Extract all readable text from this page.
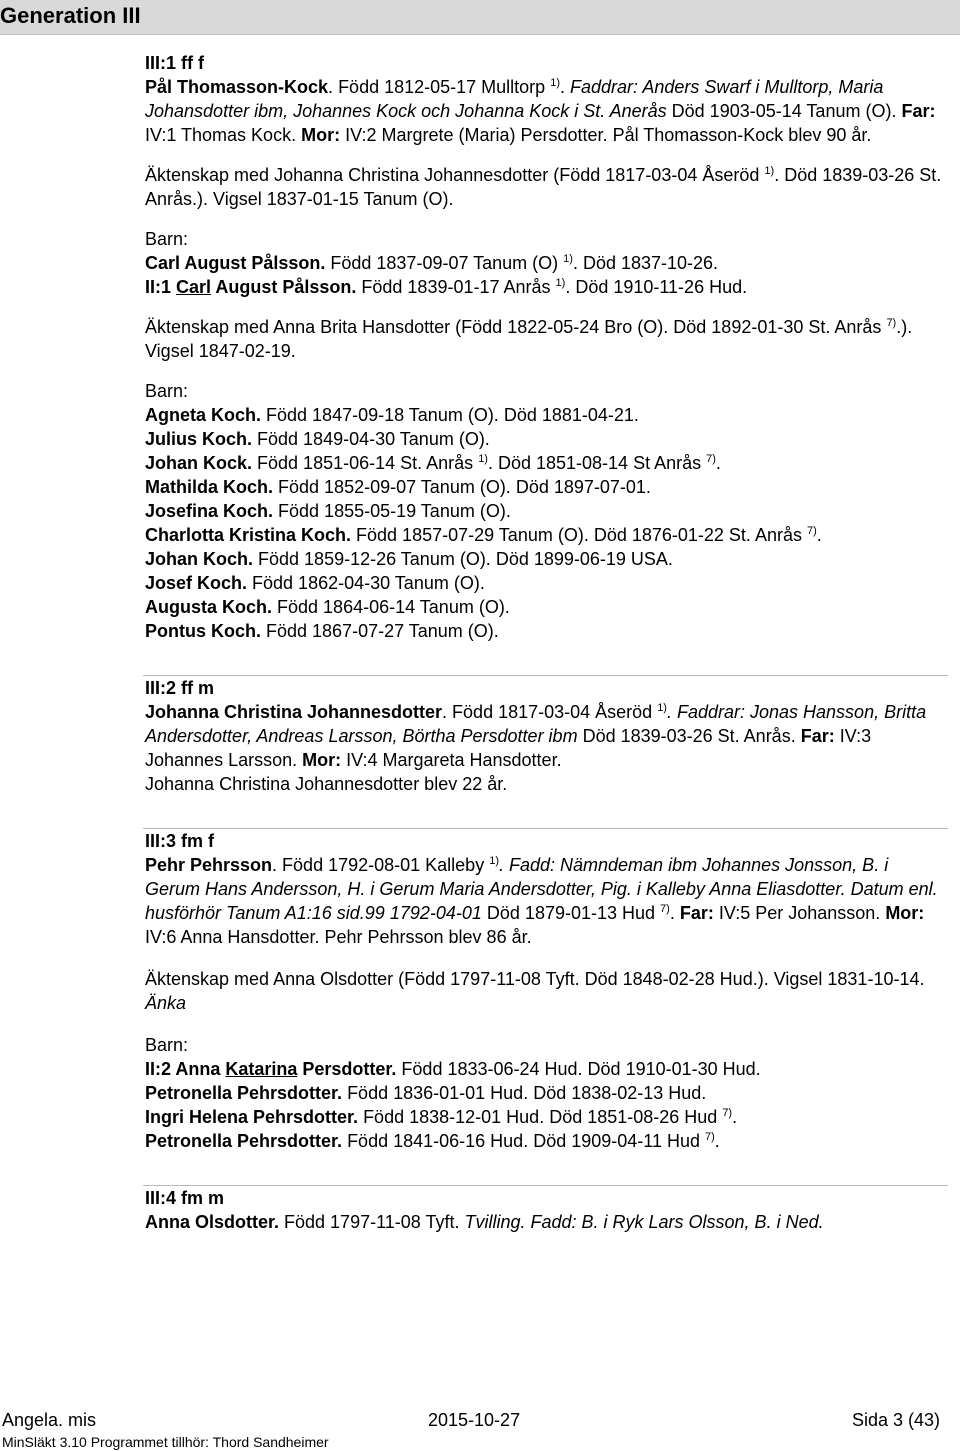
Generation III

III:1 ff f

Pål Thomasson-Kock. Född 1812-05-17 Mulltorp $^{1)}$. Faddrar: Anders Swarf i Mulltorp, Maria Johansdotter ibm, Johannes Kock och Johanna Kock i St. Anerås Död 1903-05-14 Tanum (O). Far: IV:1 Thomas Kock. Mor: IV:2 Margrete (Maria) Persdotter. Pål Thomasson-Kock blev 90 år.

Äktenskap med Johanna Christina Johannesdotter (Född 1817-03-04 Åseröd $^{1)}$. Död 1839-03-26 St. Anrås.). Vigsel 1837-01-15 Tanum (O).

Barn:

Carl August Pålsson. Född 1837-09-07 Tanum (O) $^{1)}$. Död 1837-10-26.

II:1 Carl August Pålsson. Född 1839-01-17 Anrås $^{1)}$. Död 1910-11-26 Hud.

Äktenskap med Anna Brita Hansdotter (Född 1822-05-24 Bro (O). Död 1892-01-30 St. Anrås $^{7)}$.). Vigsel 1847-02-19.

Barn:

Agneta Koch. Född 1847-09-18 Tanum (O). Död 1881-04-21.

Julius Koch. Född 1849-04-30 Tanum (O).

Johan Kock. Född 1851-06-14 St. Anrås $^{1)}$. Död 1851-08-14 St Anrås $^{7)}$.

Mathilda Koch. Född 1852-09-07 Tanum (O). Död 1897-07-01.

Josefina Koch. Född 1855-05-19 Tanum (O).

Charlotta Kristina Koch. Född 1857-07-29 Tanum (O). Död 1876-01-22 St. Anrås $^{7)}$.

Johan Koch. Född 1859-12-26 Tanum (O). Död 1899-06-19 USA.

Josef Koch. Född 1862-04-30 Tanum (O).

Augusta Koch. Född 1864-06-14 Tanum (O).

Pontus Koch. Född 1867-07-27 Tanum (O).

III:2 ff m

Johanna Christina Johannesdotter. Född 1817-03-04 Åseröd $^{1)}$. Faddrar: Jonas Hansson, Britta Andersdotter, Andreas Larsson, Börtha Persdotter ibm Död 1839-03-26 St. Anrås. Far: IV:3 Johannes Larsson. Mor: IV:4 Margareta Hansdotter.

Johanna Christina Johannesdotter blev 22 år.

III:3 fm f

Pehr Pehrsson. Född 1792-08-01 Kalleby $^{1)}$. Fadd: Nämndeman ibm Johannes Jonsson, B. i Gerum Hans Andersson, H. i Gerum Maria Andersdotter, Pig. i Kalleby Anna Eliasdotter. Datum enl. husförhör Tanum A1:16 sid.99 1792-04-01 Död 1879-01-13 Hud $^{7)}$. Far: IV:5 Per Johansson. Mor: IV:6 Anna Hansdotter. Pehr Pehrsson blev 86 år.

Äktenskap med Anna Olsdotter (Född 1797-11-08 Tyft. Död 1848-02-28 Hud.). Vigsel 1831-10-14. Änka

Barn:

II:2 Anna Katarina Persdotter. Född 1833-06-24 Hud. Död 1910-01-30 Hud.

Petronella Pehrsdotter. Född 1836-01-01 Hud. Död 1838-02-13 Hud.

Ingri Helena Pehrsdotter. Född 1838-12-01 Hud. Död 1851-08-26 Hud $^{7)}$.

Petronella Pehrsdotter. Född 1841-06-16 Hud. Död 1909-04-11 Hud $^{7)}$.

III:4 fm m

Anna Olsdotter. Född 1797-11-08 Tyft. Tvilling. Fadd: B. i Ryk Lars Olsson, B. i Ned.

Angela. mis	2015-10-27	Sida 3 (43)
MinSläkt 3.10 Programmet tillhör: Thord Sandheimer
